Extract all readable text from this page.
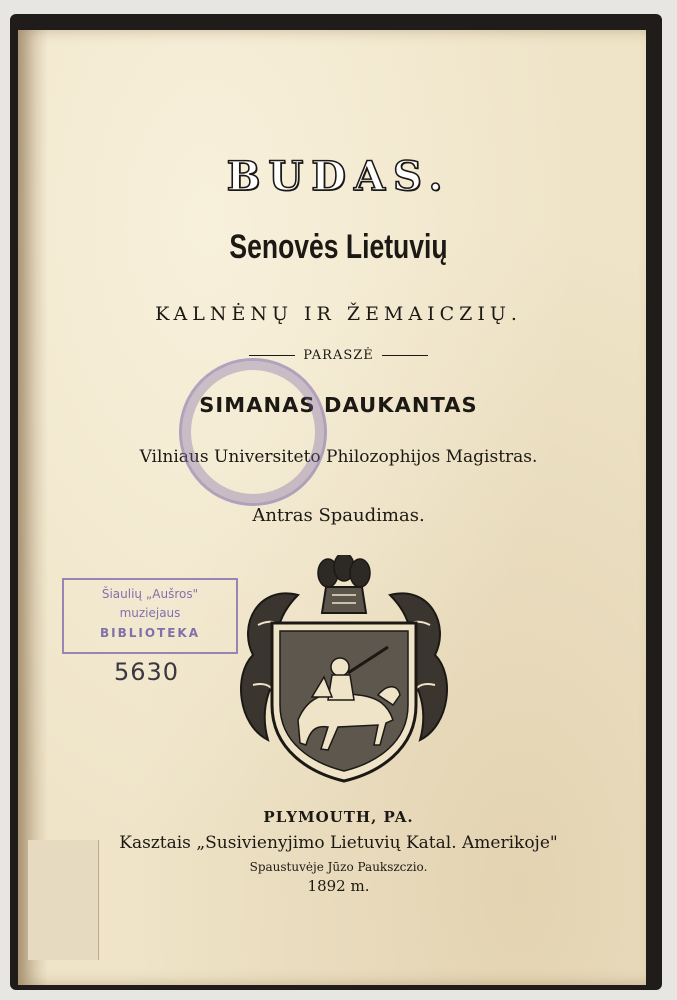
BUDAS.
Senovės Lietuvių
KALNĖNŲ IR ŽEMAICZIŲ.
PARASZĖ
SIMANAS DAUKANTAS
Vilniaus Universiteto Philozophijos Magistras.
Antras Spaudimas.
Šiaulių „Aušros"
muziejaus
BIBLIOTEKA
5630
PLYMOUTH, PA.
Kasztais „Susivienyjimo Lietuvių Katal. Amerikoje"
Spaustuvėje Jūzo Paukszczio.
1892 m.
